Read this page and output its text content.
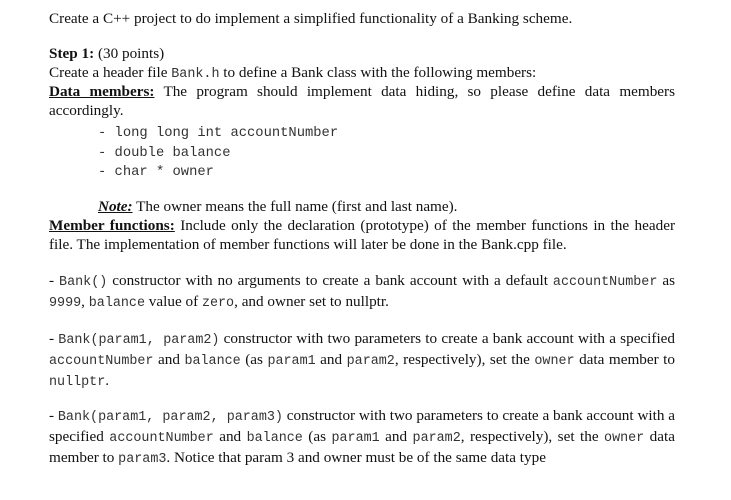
Create a C++ project to do implement a simplified functionality of a Banking scheme.
Step 1: (30 points)
Create a header file Bank.h to define a Bank class with the following members:
Data members: The program should implement data hiding, so please define data members accordingly.
- long long int accountNumber
- double balance
- char * owner
Note: The owner means the full name (first and last name).
Member functions: Include only the declaration (prototype) of the member functions in the header file. The implementation of member functions will later be done in the Bank.cpp file.
- Bank() constructor with no arguments to create a bank account with a default accountNumber as 9999, balance value of zero, and owner set to nullptr.
- Bank(param1, param2) constructor with two parameters to create a bank account with a specified accountNumber and balance (as param1 and param2, respectively), set the owner data member to nullptr.
- Bank(param1, param2, param3) constructor with two parameters to create a bank account with a specified accountNumber and balance (as param1 and param2, respectively), set the owner data member to param3. Notice that param 3 and owner must be of the same data type
